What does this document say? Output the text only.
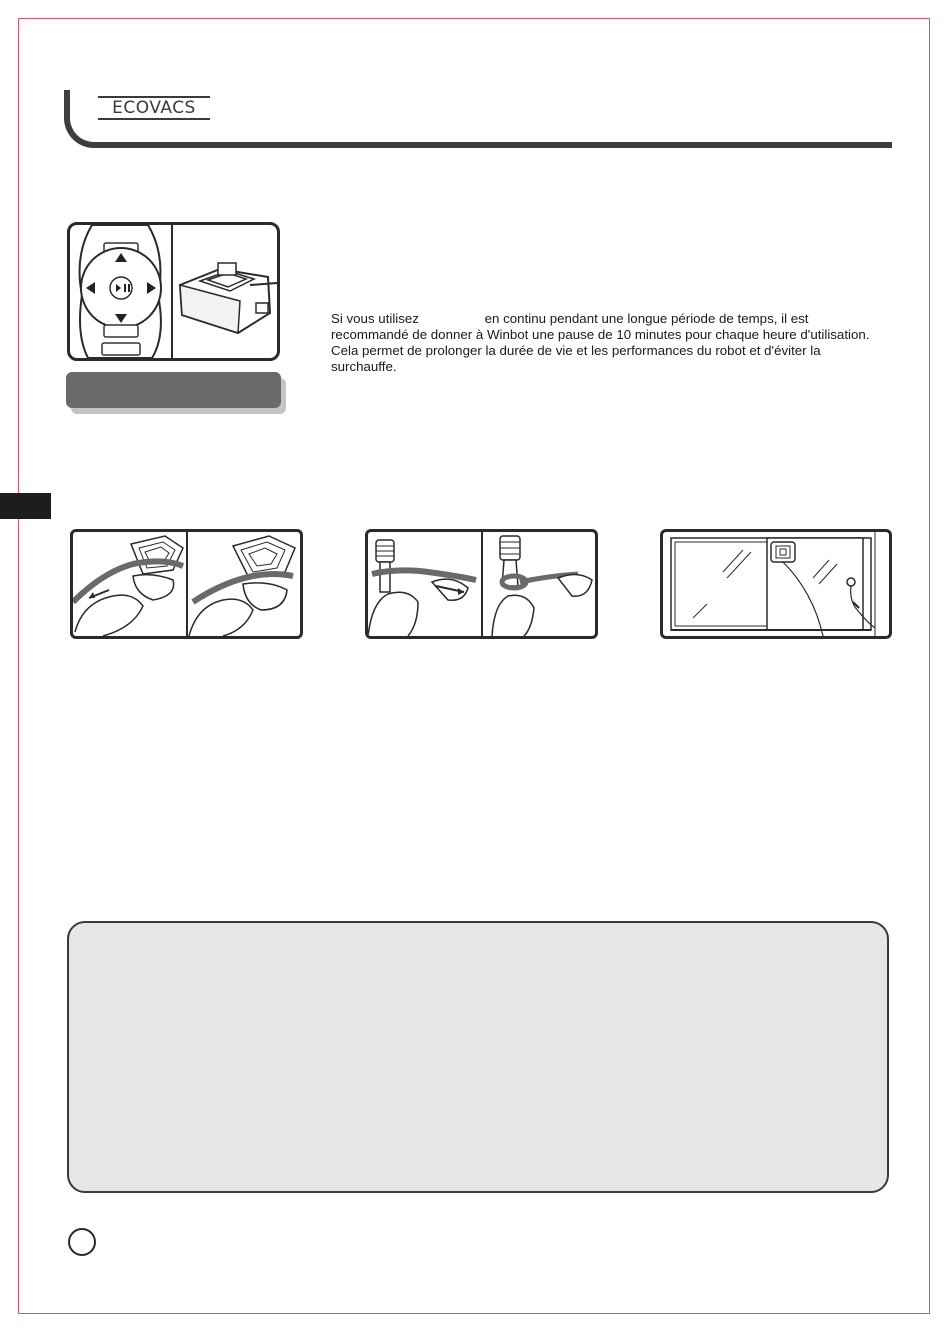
ECOVACS

Si vous utilisez	en continu pendant une longue période de temps, il est recommandé de donner à Winbot une pause de 10 minutes pour chaque heure d'utilisation. Cela permet de prolonger la durée de vie et les performances du robot et d'éviter la surchauffe.
